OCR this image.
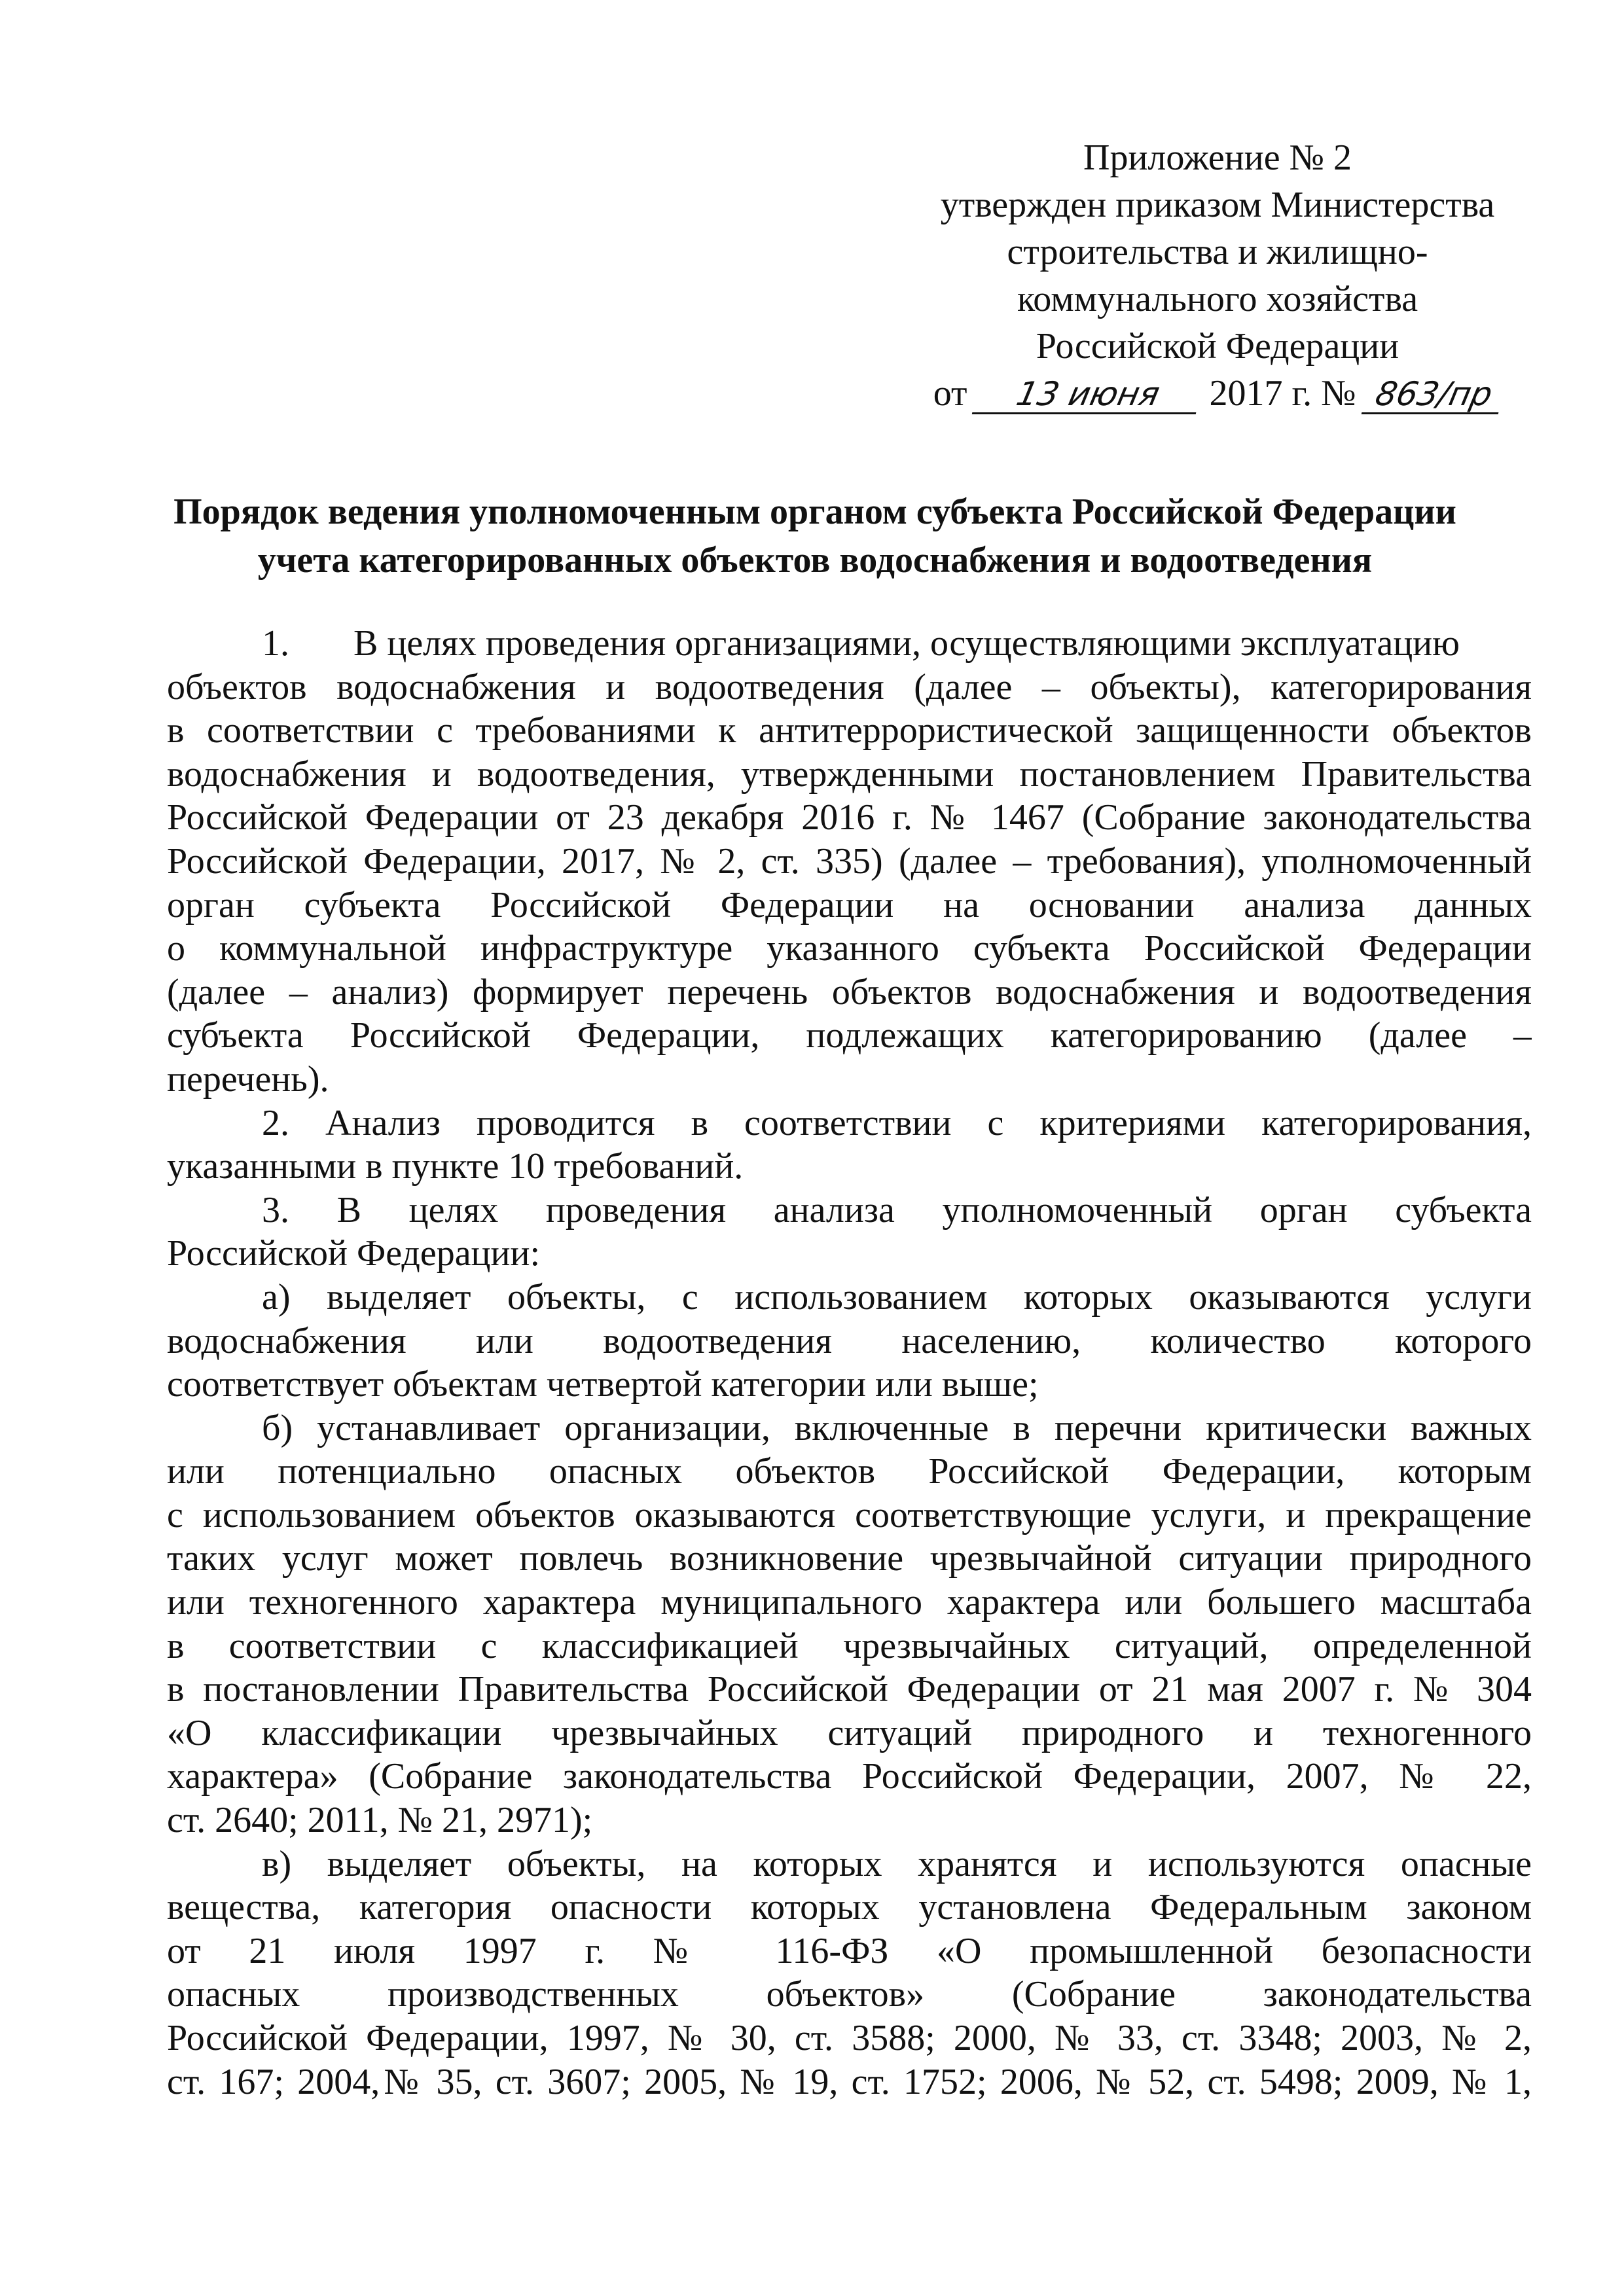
Приложение № 2
утвержден приказом Министерства
строительства и жилищно-
коммунального хозяйства
Российской Федерации
от 13 июня 2017 г. № 863/пр
Порядок ведения уполномоченным органом субъекта Российской Федерации
учета категорированных объектов водоснабжения и водоотведения
1. В целях проведения организациями, осуществляющими эксплуатацию
объектов водоснабжения и водоотведения (далее – объекты), категорирования
в соответствии с требованиями к антитеррористической защищенности объектов
водоснабжения и водоотведения, утвержденными постановлением Правительства
Российской Федерации от 23 декабря 2016 г. № 1467 (Собрание законодательства
Российской Федерации, 2017, № 2, ст. 335) (далее – требования), уполномоченный
орган субъекта Российской Федерации на основании анализа данных
о коммунальной инфраструктуре указанного субъекта Российской Федерации
(далее – анализ) формирует перечень объектов водоснабжения и водоотведения
субъекта Российской Федерации, подлежащих категорированию (далее –
перечень).
2. Анализ проводится в соответствии с критериями категорирования,
указанными в пункте 10 требований.
3. В целях проведения анализа уполномоченный орган субъекта
Российской Федерации:
а) выделяет объекты, с использованием которых оказываются услуги
водоснабжения или водоотведения населению, количество которого
соответствует объектам четвертой категории или выше;
б) устанавливает организации, включенные в перечни критически важных
или потенциально опасных объектов Российской Федерации, которым
с использованием объектов оказываются соответствующие услуги, и прекращение
таких услуг может повлечь возникновение чрезвычайной ситуации природного
или техногенного характера муниципального характера или большего масштаба
в соответствии с классификацией чрезвычайных ситуаций, определенной
в постановлении Правительства Российской Федерации от 21 мая 2007 г. № 304
«О классификации чрезвычайных ситуаций природного и техногенного
характера» (Собрание законодательства Российской Федерации, 2007, № 22,
ст. 2640; 2011, № 21, 2971);
в) выделяет объекты, на которых хранятся и используются опасные
вещества, категория опасности которых установлена Федеральным законом
от 21 июля 1997 г. № 116-ФЗ «О промышленной безопасности
опасных производственных объектов» (Собрание законодательства
Российской Федерации, 1997, № 30, ст. 3588; 2000, № 33, ст. 3348; 2003, № 2,
ст. 167; 2004,№ 35, ст. 3607; 2005, № 19, ст. 1752; 2006, № 52, ст. 5498; 2009, № 1,
